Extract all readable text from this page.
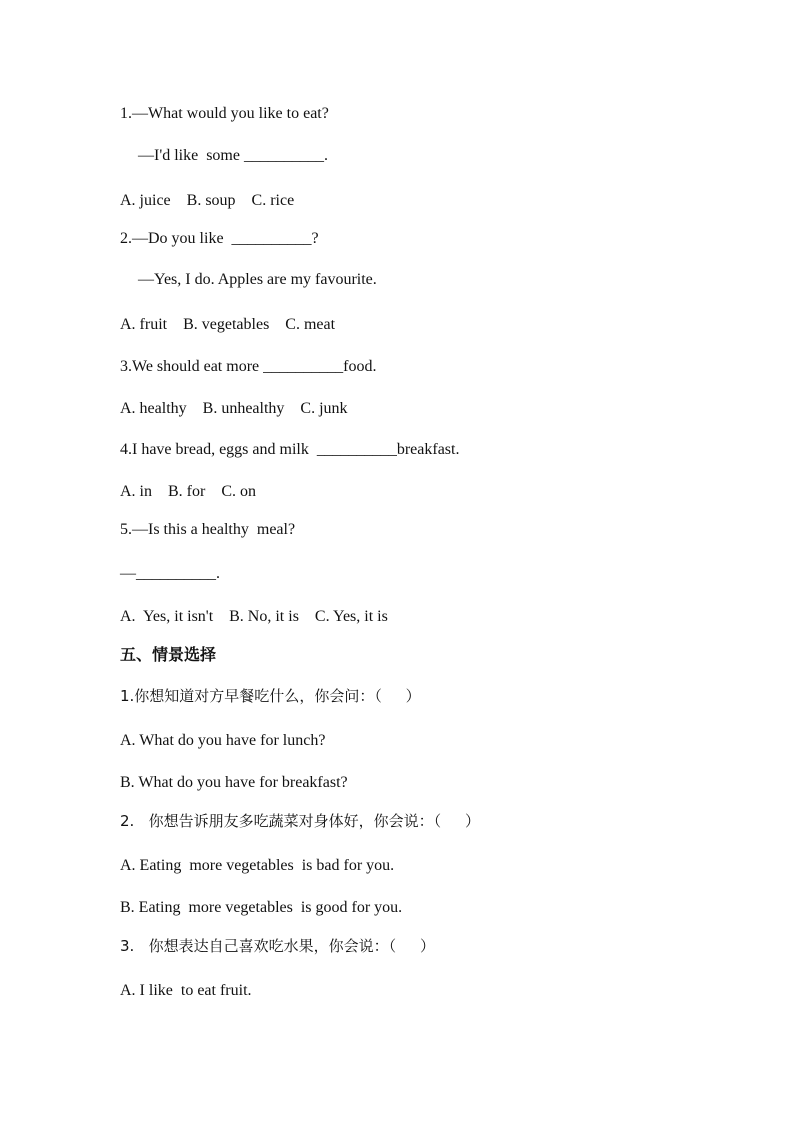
1.—What would you like to eat?
—I'd like  some __________.
A. juice    B. soup    C. rice
2.—Do you like  __________?
—Yes, I do. Apples are my favourite.
A. fruit    B. vegetables    C. meat
3.We should eat more __________food.
A. healthy    B. unhealthy    C. junk
4.I have bread, eggs and milk  __________breakfast.
A. in    B. for    C. on
5.—Is this a healthy  meal?
—__________.
A.  Yes, it isn't    B. No, it is    C. Yes, it is
五、情景选择
1.你想知道对方早餐吃什么，你会问：（     ）
A. What do you have for lunch?
B. What do you have for breakfast?
2.   你想告诉朋友多吃蔬菜对身体好，你会说：（     ）
A. Eating  more vegetables  is bad for you.
B. Eating  more vegetables  is good for you.
3.   你想表达自己喜欢吃水果，你会说：（     ）
A. I like  to eat fruit.
